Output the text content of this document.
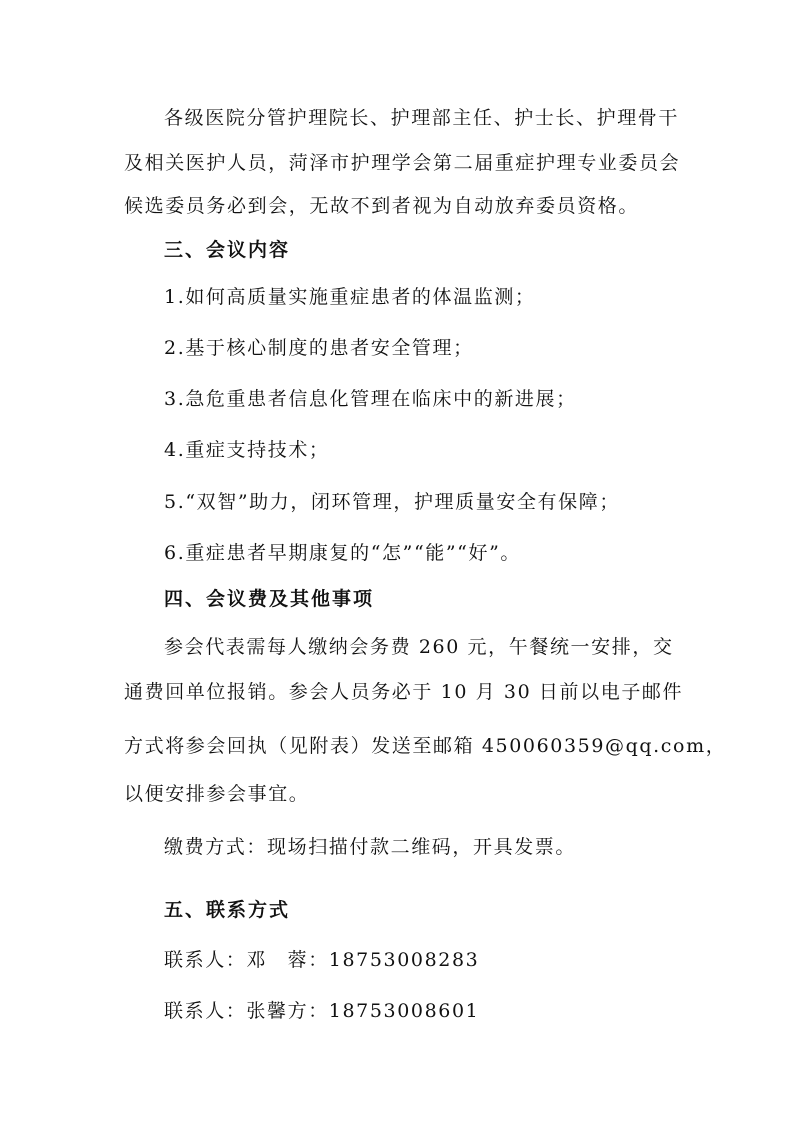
各级医院分管护理院长、护理部主任、护士长、护理骨干
及相关医护人员，菏泽市护理学会第二届重症护理专业委员会
候选委员务必到会，无故不到者视为自动放弃委员资格。
三、会议内容
1.如何高质量实施重症患者的体温监测；
2.基于核心制度的患者安全管理；
3.急危重患者信息化管理在临床中的新进展；
4.重症支持技术；
5.“双智”助力，闭环管理，护理质量安全有保障；
6.重症患者早期康复的“怎”“能”“好”。
四、会议费及其他事项
参会代表需每人缴纳会务费 260 元，午餐统一安排，交
通费回单位报销。参会人员务必于 10 月 30 日前以电子邮件
方式将参会回执（见附表）发送至邮箱 450060359@qq.com，
以便安排参会事宜。
缴费方式：现场扫描付款二维码，开具发票。
五、联系方式
联系人：邓　蓉：18753008283
联系人：张馨方：18753008601
